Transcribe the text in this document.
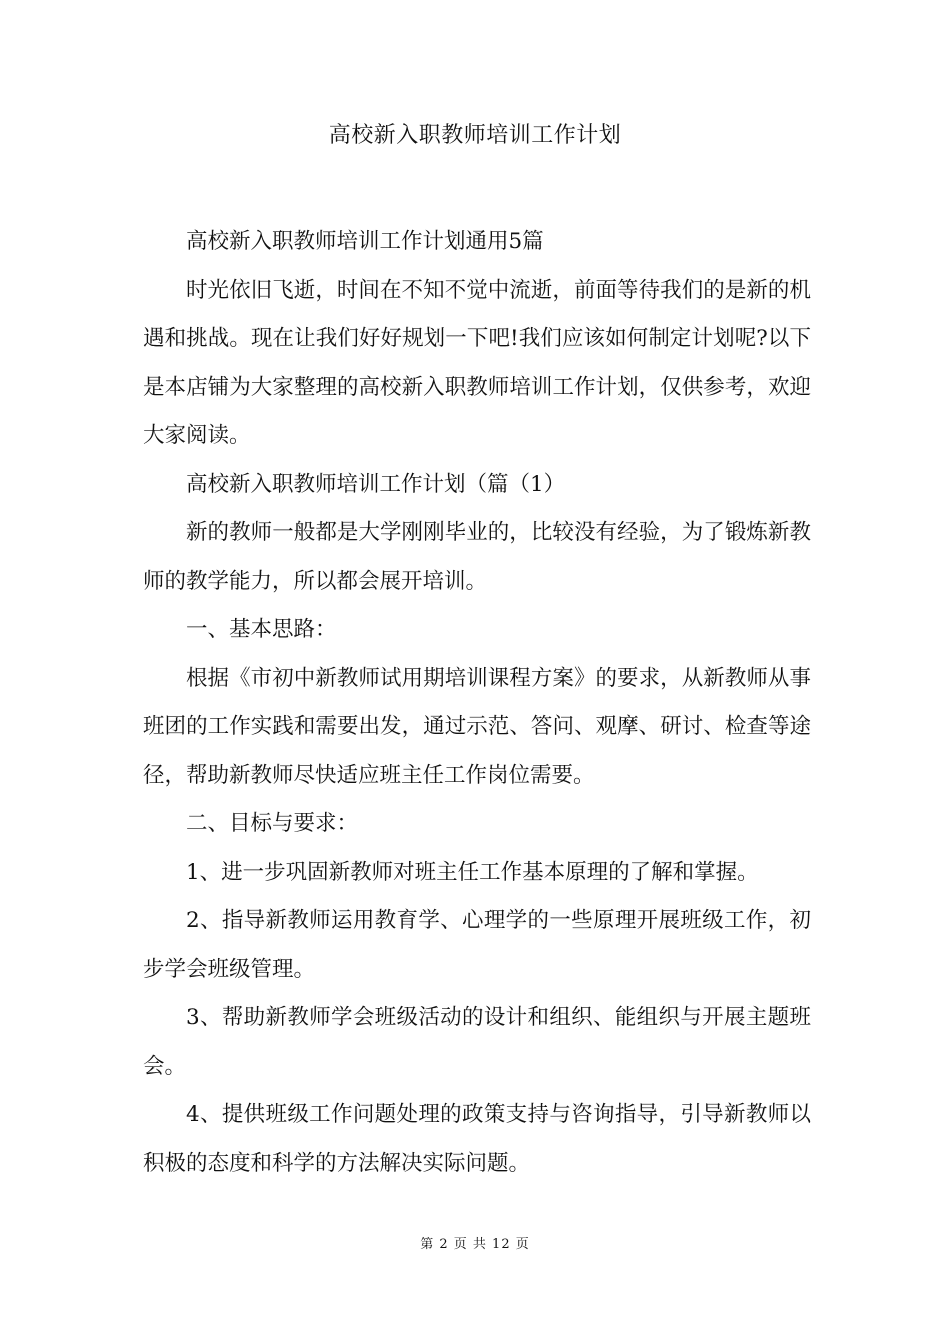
高校新入职教师培训工作计划

高校新入职教师培训工作计划通用5篇

时光依旧飞逝，时间在不知不觉中流逝，前面等待我们的是新的机遇和挑战。现在让我们好好规划一下吧!我们应该如何制定计划呢?以下是本店铺为大家整理的高校新入职教师培训工作计划，仅供参考，欢迎大家阅读。

高校新入职教师培训工作计划（篇（1）

新的教师一般都是大学刚刚毕业的，比较没有经验，为了锻炼新教师的教学能力，所以都会展开培训。

一、基本思路：

根据《市初中新教师试用期培训课程方案》的要求，从新教师从事班团的工作实践和需要出发，通过示范、答问、观摩、研讨、检查等途径，帮助新教师尽快适应班主任工作岗位需要。

二、目标与要求：

1、进一步巩固新教师对班主任工作基本原理的了解和掌握。

2、指导新教师运用教育学、心理学的一些原理开展班级工作，初步学会班级管理。

3、帮助新教师学会班级活动的设计和组织、能组织与开展主题班会。

4、提供班级工作问题处理的政策支持与咨询指导，引导新教师以积极的态度和科学的方法解决实际问题。

第 2 页 共 12 页
